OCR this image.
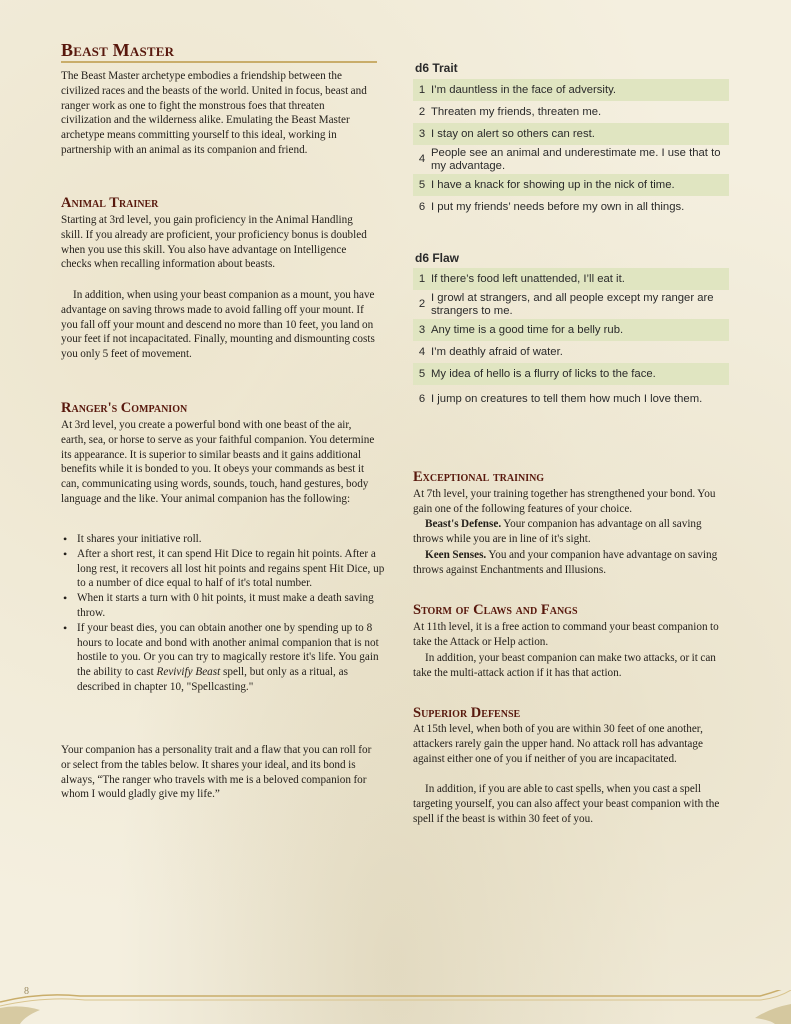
Beast Master

The Beast Master archetype embodies a friendship between the civilized races and the beasts of the world. United in focus, beast and ranger work as one to fight the monstrous foes that threaten civilization and the wilderness alike. Emulating the Beast Master archetype means committing yourself to this ideal, working in partnership with an animal as its companion and friend.

Animal Trainer

Starting at 3rd level, you gain proficiency in the Animal Handling skill. If you already are proficient, your proficiency bonus is doubled when you use this skill. You also have advantage on Intelligence checks when recalling information about beasts.

In addition, when using your beast companion as a mount, you have advantage on saving throws made to avoid falling off your mount. If you fall off your mount and descend no more than 10 feet, you land on your feet if not incapacitated. Finally, mounting and dismounting costs you only 5 feet of movement.

Ranger's Companion

At 3rd level, you create a powerful bond with one beast of the air, earth, sea, or horse to serve as your faithful companion. You determine its appearance. It is superior to similar beasts and it gains additional benefits while it is bonded to you. It obeys your commands as best it can, communicating using words, sounds, touch, hand gestures, body language and the like. Your animal companion has the following:

• It shares your initiative roll.
• After a short rest, it can spend Hit Dice to regain hit points. After a long rest, it recovers all lost hit points and regains spent Hit Dice, up to a number of dice equal to half of it's total number.
• When it starts a turn with 0 hit points, it must make a death saving throw.
• If your beast dies, you can obtain another one by spending up to 8 hours to locate and bond with another animal companion that is not hostile to you. Or you can try to magically restore it's life. You gain the ability to cast Revivify Beast spell, but only as a ritual, as described in chapter 10, "Spellcasting."

Your companion has a personality trait and a flaw that you can roll for or select from the tables below. It shares your ideal, and its bond is always, “The ranger who travels with me is a beloved companion for whom I would gladly give my life.”

d6 Trait
1	I’m dauntless in the face of adversity.
2	Threaten my friends, threaten me.
3	I stay on alert so others can rest.
4	People see an animal and underestimate me. I use that to my advantage.
5	I have a knack for showing up in the nick of time.
6	I put my friends’ needs before my own in all things.
d6 Flaw
1	If there’s food left unattended, I’ll eat it.
2	I growl at strangers, and all people except my ranger are strangers to me.
3	Any time is a good time for a belly rub.
4	I’m deathly afraid of water.
5	My idea of hello is a flurry of licks to the face.
6	I jump on creatures to tell them how much I love them.
Exceptional training

At 7th level, your training together has strengthened your bond. You gain one of the following features of your choice.

Beast's Defense. Your companion has advantage on all saving throws while you are in line of it's sight.

Keen Senses. You and your companion have advantage on saving throws against Enchantments and Illusions.

Storm of Claws and Fangs

At 11th level, it is a free action to command your beast companion to take the Attack or Help action.

In addition, your beast companion can make two attacks, or it can take the multi-attack action if it has that action.

Superior Defense

At 15th level, when both of you are within 30 feet of one another, attackers rarely gain the upper hand. No attack roll has advantage against either one of you if neither of you are incapacitated.

In addition, if you are able to cast spells, when you cast a spell targeting yourself, you can also affect your beast companion with the spell if the beast is within 30 feet of you.

8
